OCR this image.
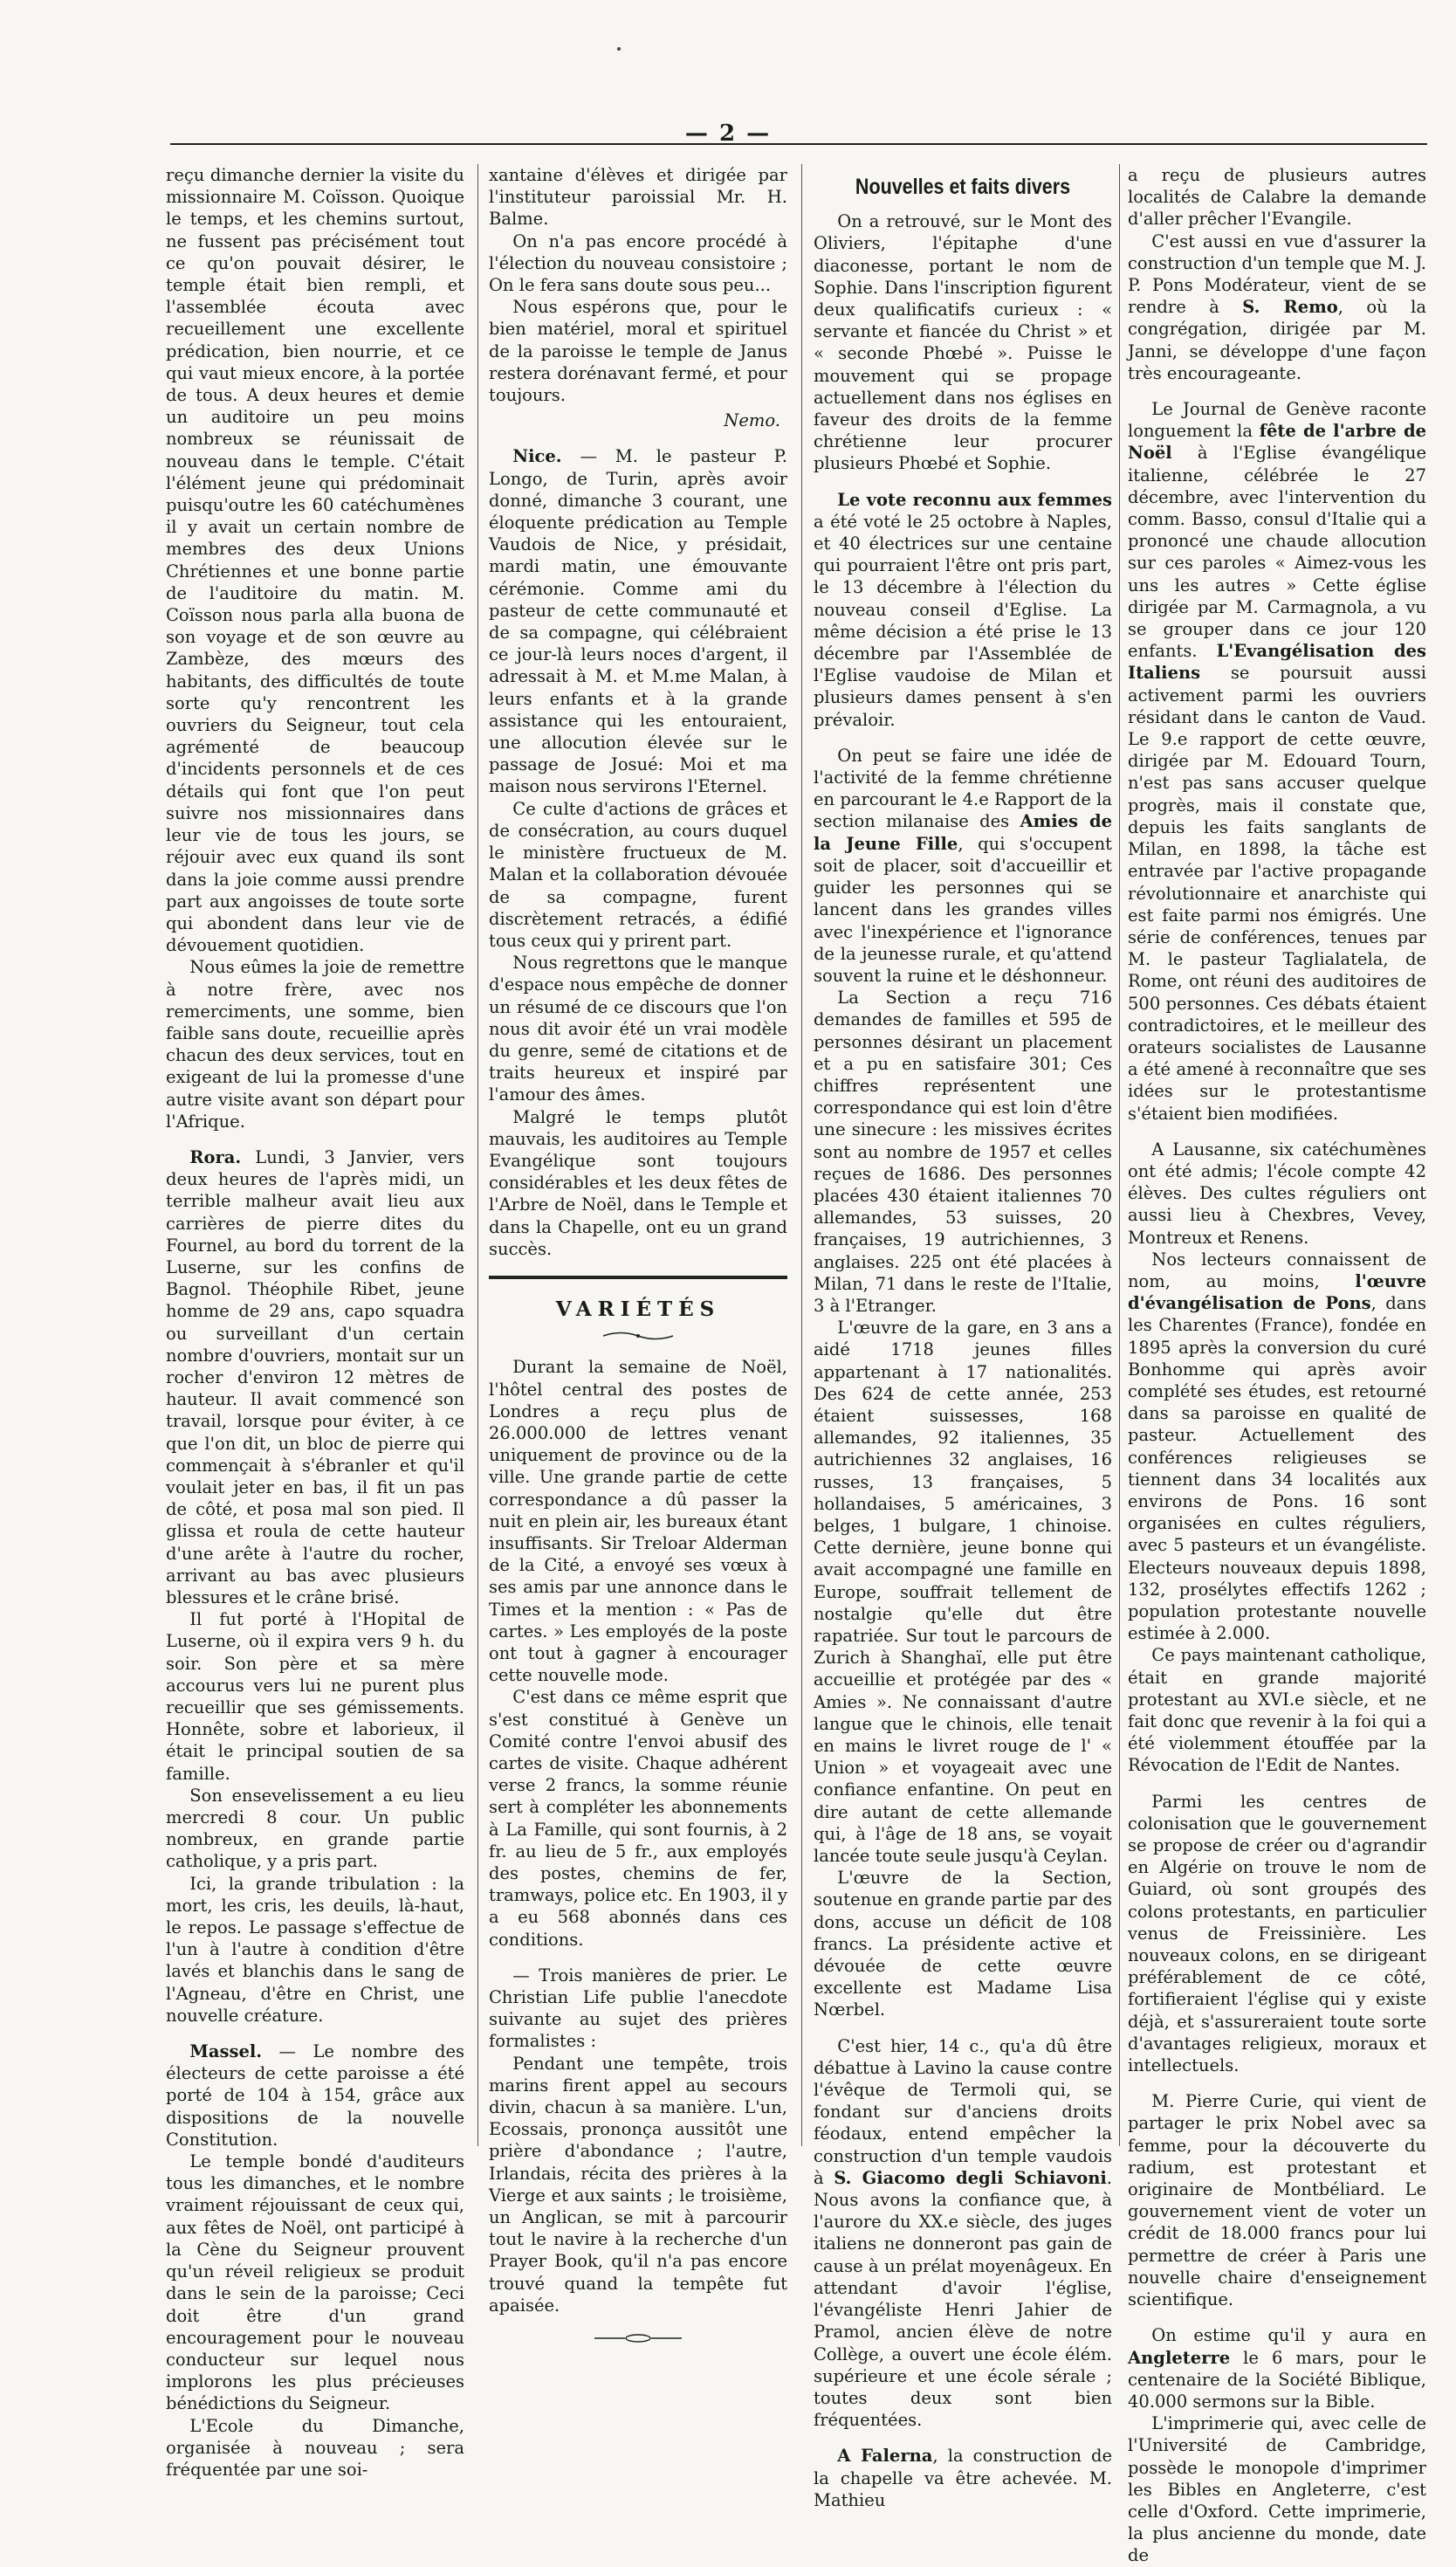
— 2 —

reçu dimanche dernier la visite du missionnaire M. Coïsson. Quoique le temps, et les chemins surtout, ne fussent pas précisément tout ce qu'on pouvait désirer, le temple était bien rempli, et l'assemblée écouta avec recueillement une excellente prédication, bien nourrie, et ce qui vaut mieux encore, à la portée de tous. A deux heures et demie un auditoire un peu moins nombreux se réunissait de nouveau dans le temple. C'était l'élément jeune qui prédominait puisqu'outre les 60 catéchumènes il y avait un certain nombre de membres des deux Unions Chrétiennes et une bonne partie de l'auditoire du matin. M. Coïsson nous parla alla buona de son voyage et de son œuvre au Zambèze, des mœurs des habitants, des difficultés de toute sorte qu'y rencontrent les ouvriers du Seigneur, tout cela agrémenté de beaucoup d'incidents personnels et de ces détails qui font que l'on peut suivre nos missionnaires dans leur vie de tous les jours, se réjouir avec eux quand ils sont dans la joie comme aussi prendre part aux angoisses de toute sorte qui abondent dans leur vie de dévouement quotidien.

Nous eûmes la joie de remettre à notre frère, avec nos remerciments, une somme, bien faible sans doute, recueillie après chacun des deux services, tout en exigeant de lui la promesse d'une autre visite avant son départ pour l'Afrique.

Rora. Lundi, 3 Janvier, vers deux heures de l'après midi, un terrible malheur avait lieu aux carrières de pierre dites du Fournel, au bord du torrent de la Luserne, sur les confins de Bagnol. Théophile Ribet, jeune homme de 29 ans, capo squadra ou surveillant d'un certain nombre d'ouvriers, montait sur un rocher d'environ 12 mètres de hauteur. Il avait commencé son travail, lorsque pour éviter, à ce que l'on dit, un bloc de pierre qui commençait à s'ébranler et qu'il voulait jeter en bas, il fit un pas de côté, et posa mal son pied. Il glissa et roula de cette hauteur d'une arête à l'autre du rocher, arrivant au bas avec plusieurs blessures et le crâne brisé.

Il fut porté à l'Hopital de Luserne, où il expira vers 9 h. du soir. Son père et sa mère accourus vers lui ne purent plus recueillir que ses gémissements. Honnête, sobre et laborieux, il était le principal soutien de sa famille.

Son ensevelissement a eu lieu mercredi 8 cour. Un public nombreux, en grande partie catholique, y a pris part.

Ici, la grande tribulation : la mort, les cris, les deuils, là-haut, le repos. Le passage s'effectue de l'un à l'autre à condition d'être lavés et blanchis dans le sang de l'Agneau, d'être en Christ, une nouvelle créature.

Massel. — Le nombre des électeurs de cette paroisse a été porté de 104 à 154, grâce aux dispositions de la nouvelle Constitution.

Le temple bondé d'auditeurs tous les dimanches, et le nombre vraiment réjouissant de ceux qui, aux fêtes de Noël, ont participé à la Cène du Seigneur prouvent qu'un réveil religieux se produit dans le sein de la paroisse; Ceci doit être d'un grand encouragement pour le nouveau conducteur sur lequel nous implorons les plus précieuses bénédictions du Seigneur.

L'Ecole du Dimanche, organisée à nouveau ; sera fréquentée par une soi-

xantaine d'élèves et dirigée par l'instituteur paroissial Mr. H. Balme.

On n'a pas encore procédé à l'élection du nouveau consistoire ; On le fera sans doute sous peu...

Nous espérons que, pour le bien matériel, moral et spirituel de la paroisse le temple de Janus restera dorénavant fermé, et pour toujours.

Nemo.

Nice. — M. le pasteur P. Longo, de Turin, après avoir donné, dimanche 3 courant, une éloquente prédication au Temple Vaudois de Nice, y présidait, mardi matin, une émouvante cérémonie. Comme ami du pasteur de cette communauté et de sa compagne, qui célébraient ce jour-là leurs noces d'argent, il adressait à M. et M.me Malan, à leurs enfants et à la grande assistance qui les entouraient, une allocution élevée sur le passage de Josué: Moi et ma maison nous servirons l'Eternel.

Ce culte d'actions de grâces et de consécration, au cours duquel le ministère fructueux de M. Malan et la collaboration dévouée de sa compagne, furent discrètement retracés, a édifié tous ceux qui y prirent part.

Nous regrettons que le manque d'espace nous empêche de donner un résumé de ce discours que l'on nous dit avoir été un vrai modèle du genre, semé de citations et de traits heureux et inspiré par l'amour des âmes.

Malgré le temps plutôt mauvais, les auditoires au Temple Evangélique sont toujours considérables et les deux fêtes de l'Arbre de Noël, dans le Temple et dans la Chapelle, ont eu un grand succès.

VARIÉTÉS

Durant la semaine de Noël, l'hôtel central des postes de Londres a reçu plus de 26.000.000 de lettres venant uniquement de province ou de la ville. Une grande partie de cette correspondance a dû passer la nuit en plein air, les bureaux étant insuffisants. Sir Treloar Alderman de la Cité, a envoyé ses vœux à ses amis par une annonce dans le Times et la mention : « Pas de cartes. » Les employés de la poste ont tout à gagner à encourager cette nouvelle mode.

C'est dans ce même esprit que s'est constitué à Genève un Comité contre l'envoi abusif des cartes de visite. Chaque adhérent verse 2 francs, la somme réunie sert à compléter les abonnements à La Famille, qui sont fournis, à 2 fr. au lieu de 5 fr., aux employés des postes, chemins de fer, tramways, police etc. En 1903, il y a eu 568 abonnés dans ces conditions.

— Trois manières de prier. Le Christian Life publie l'anecdote suivante au sujet des prières formalistes :

Pendant une tempête, trois marins firent appel au secours divin, chacun à sa manière. L'un, Ecossais, prononça aussitôt une prière d'abondance ; l'autre, Irlandais, récita des prières à la Vierge et aux saints ; le troisième, un Anglican, se mit à parcourir tout le navire à la recherche d'un Prayer Book, qu'il n'a pas encore trouvé quand la tempête fut apaisée.

Nouvelles et faits divers

On a retrouvé, sur le Mont des Oliviers, l'épitaphe d'une diaconesse, portant le nom de Sophie. Dans l'inscription figurent deux qualificatifs curieux : « servante et fiancée du Christ » et « seconde Phœbé ». Puisse le mouvement qui se propage actuellement dans nos églises en faveur des droits de la femme chrétienne leur procurer plusieurs Phœbé et Sophie.

Le vote reconnu aux femmes a été voté le 25 octobre à Naples, et 40 électrices sur une centaine qui pourraient l'être ont pris part, le 13 décembre à l'élection du nouveau conseil d'Eglise. La même décision a été prise le 13 décembre par l'Assemblée de l'Eglise vaudoise de Milan et plusieurs dames pensent à s'en prévaloir.

On peut se faire une idée de l'activité de la femme chrétienne en parcourant le 4.e Rapport de la section milanaise des Amies de la Jeune Fille, qui s'occupent soit de placer, soit d'accueillir et guider les personnes qui se lancent dans les grandes villes avec l'inexpérience et l'ignorance de la jeunesse rurale, et qu'attend souvent la ruine et le déshonneur.

La Section a reçu 716 demandes de familles et 595 de personnes désirant un placement et a pu en satisfaire 301; Ces chiffres représentent une correspondance qui est loin d'être une sinecure : les missives écrites sont au nombre de 1957 et celles reçues de 1686. Des personnes placées 430 étaient italiennes 70 allemandes, 53 suisses, 20 françaises, 19 autrichiennes, 3 anglaises. 225 ont été placées à Milan, 71 dans le reste de l'Italie, 3 à l'Etranger.

L'œuvre de la gare, en 3 ans a aidé 1718 jeunes filles appartenant à 17 nationalités. Des 624 de cette année, 253 étaient suissesses, 168 allemandes, 92 italiennes, 35 autrichiennes 32 anglaises, 16 russes, 13 françaises, 5 hollandaises, 5 américaines, 3 belges, 1 bulgare, 1 chinoise. Cette dernière, jeune bonne qui avait accompagné une famille en Europe, souffrait tellement de nostalgie qu'elle dut être rapatriée. Sur tout le parcours de Zurich à Shanghaï, elle put être accueillie et protégée par des « Amies ». Ne connaissant d'autre langue que le chinois, elle tenait en mains le livret rouge de l' « Union » et voyageait avec une confiance enfantine. On peut en dire autant de cette allemande qui, à l'âge de 18 ans, se voyait lancée toute seule jusqu'à Ceylan.

L'œuvre de la Section, soutenue en grande partie par des dons, accuse un déficit de 108 francs. La présidente active et dévouée de cette œuvre excellente est Madame Lisa Nœrbel.

C'est hier, 14 c., qu'a dû être débattue à Lavino la cause contre l'évêque de Termoli qui, se fondant sur d'anciens droits féodaux, entend empêcher la construction d'un temple vaudois à S. Giacomo degli Schiavoni. Nous avons la confiance que, à l'aurore du XX.e siècle, des juges italiens ne donneront pas gain de cause à un prélat moyenâgeux. En attendant d'avoir l'église, l'évangéliste Henri Jahier de Pramol, ancien élève de notre Collège, a ouvert une école élém. supérieure et une école sérale ; toutes deux sont bien fréquentées.

A Falerna, la construction de la chapelle va être achevée. M. Mathieu

a reçu de plusieurs autres localités de Calabre la demande d'aller prêcher l'Evangile.

C'est aussi en vue d'assurer la construction d'un temple que M. J. P. Pons Modérateur, vient de se rendre à S. Remo, où la congrégation, dirigée par M. Janni, se développe d'une façon très encourageante.

Le Journal de Genève raconte longuement la fête de l'arbre de Noël à l'Eglise évangélique italienne, célébrée le 27 décembre, avec l'intervention du comm. Basso, consul d'Italie qui a prononcé une chaude allocution sur ces paroles « Aimez-vous les uns les autres » Cette église dirigée par M. Carmagnola, a vu se grouper dans ce jour 120 enfants. L'Evangélisation des Italiens se poursuit aussi activement parmi les ouvriers résidant dans le canton de Vaud. Le 9.e rapport de cette œuvre, dirigée par M. Edouard Tourn, n'est pas sans accuser quelque progrès, mais il constate que, depuis les faits sanglants de Milan, en 1898, la tâche est entravée par l'active propagande révolutionnaire et anarchiste qui est faite parmi nos émigrés. Une série de conférences, tenues par M. le pasteur Taglialatela, de Rome, ont réuni des auditoires de 500 personnes. Ces débats étaient contradictoires, et le meilleur des orateurs socialistes de Lausanne a été amené à reconnaître que ses idées sur le protestantisme s'étaient bien modifiées.

A Lausanne, six catéchumènes ont été admis; l'école compte 42 élèves. Des cultes réguliers ont aussi lieu à Chexbres, Vevey, Montreux et Renens.

Nos lecteurs connaissent de nom, au moins, l'œuvre d'évangélisation de Pons, dans les Charentes (France), fondée en 1895 après la conversion du curé Bonhomme qui après avoir complété ses études, est retourné dans sa paroisse en qualité de pasteur. Actuellement des conférences religieuses se tiennent dans 34 localités aux environs de Pons. 16 sont organisées en cultes réguliers, avec 5 pasteurs et un évangéliste. Electeurs nouveaux depuis 1898, 132, prosélytes effectifs 1262 ; population protestante nouvelle estimée à 2.000.

Ce pays maintenant catholique, était en grande majorité protestant au XVI.e siècle, et ne fait donc que revenir à la foi qui a été violemment étouffée par la Révocation de l'Edit de Nantes.

Parmi les centres de colonisation que le gouvernement se propose de créer ou d'agrandir en Algérie on trouve le nom de Guiard, où sont groupés des colons protestants, en particulier venus de Freissinière. Les nouveaux colons, en se dirigeant préférablement de ce côté, fortifieraient l'église qui y existe déjà, et s'assureraient toute sorte d'avantages religieux, moraux et intellectuels.

M. Pierre Curie, qui vient de partager le prix Nobel avec sa femme, pour la découverte du radium, est protestant et originaire de Montbéliard. Le gouvernement vient de voter un crédit de 18.000 francs pour lui permettre de créer à Paris une nouvelle chaire d'enseignement scientifique.

On estime qu'il y aura en Angleterre le 6 mars, pour le centenaire de la Société Biblique, 40.000 sermons sur la Bible.

L'imprimerie qui, avec celle de l'Université de Cambridge, possède le monopole d'imprimer les Bibles en Angleterre, c'est celle d'Oxford. Cette imprimerie, la plus ancienne du monde, date de
